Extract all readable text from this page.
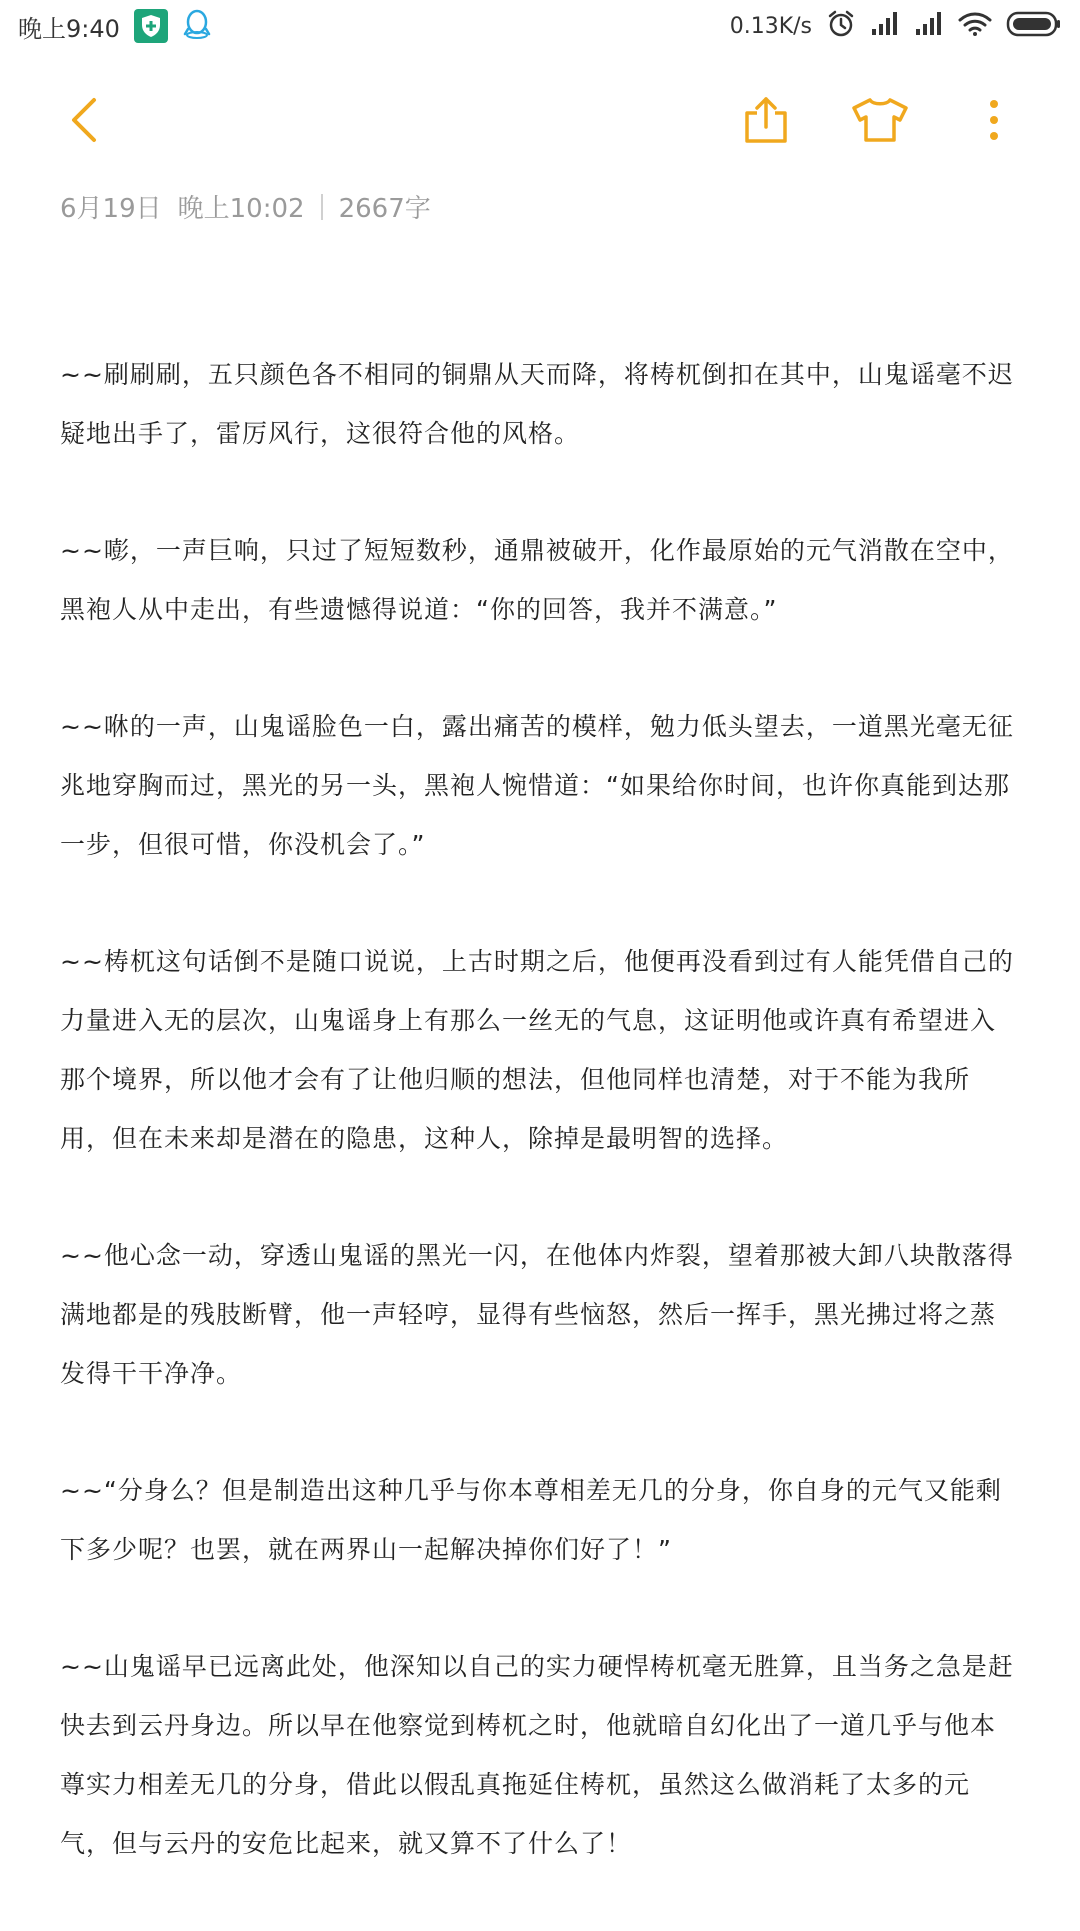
晚上9:40	0.13K/s
6月19日 晚上10:02 2667字

~~刷刷刷，五只颜色各不相同的铜鼎从天而降，将梼杌倒扣在其中，山鬼谣毫不迟疑地出手了，雷厉风行，这很符合他的风格。

~~嘭，一声巨响，只过了短短数秒，通鼎被破开，化作最原始的元气消散在空中，黑袍人从中走出，有些遗憾得说道：“你的回答，我并不满意。”

~~咻的一声，山鬼谣脸色一白，露出痛苦的模样，勉力低头望去，一道黑光毫无征兆地穿胸而过，黑光的另一头，黑袍人惋惜道：“如果给你时间，也许你真能到达那一步，但很可惜，你没机会了。”

~~梼杌这句话倒不是随口说说，上古时期之后，他便再没看到过有人能凭借自己的力量进入无的层次，山鬼谣身上有那么一丝无的气息，这证明他或许真有希望进入那个境界，所以他才会有了让他归顺的想法，但他同样也清楚，对于不能为我所用，但在未来却是潜在的隐患，这种人，除掉是最明智的选择。

~~他心念一动，穿透山鬼谣的黑光一闪，在他体内炸裂，望着那被大卸八块散落得满地都是的残肢断臂，他一声轻哼，显得有些恼怒，然后一挥手，黑光拂过将之蒸发得干干净净。

~~“分身么？但是制造出这种几乎与你本尊相差无几的分身，你自身的元气又能剩下多少呢？也罢，就在两界山一起解决掉你们好了！”

~~山鬼谣早已远离此处，他深知以自己的实力硬悍梼杌毫无胜算，且当务之急是赶快去到云丹身边。所以早在他察觉到梼杌之时，他就暗自幻化出了一道几乎与他本尊实力相差无几的分身，借此以假乱真拖延住梼杌，虽然这么做消耗了太多的元气，但与云丹的安危比起来，就又算不了什么了！
